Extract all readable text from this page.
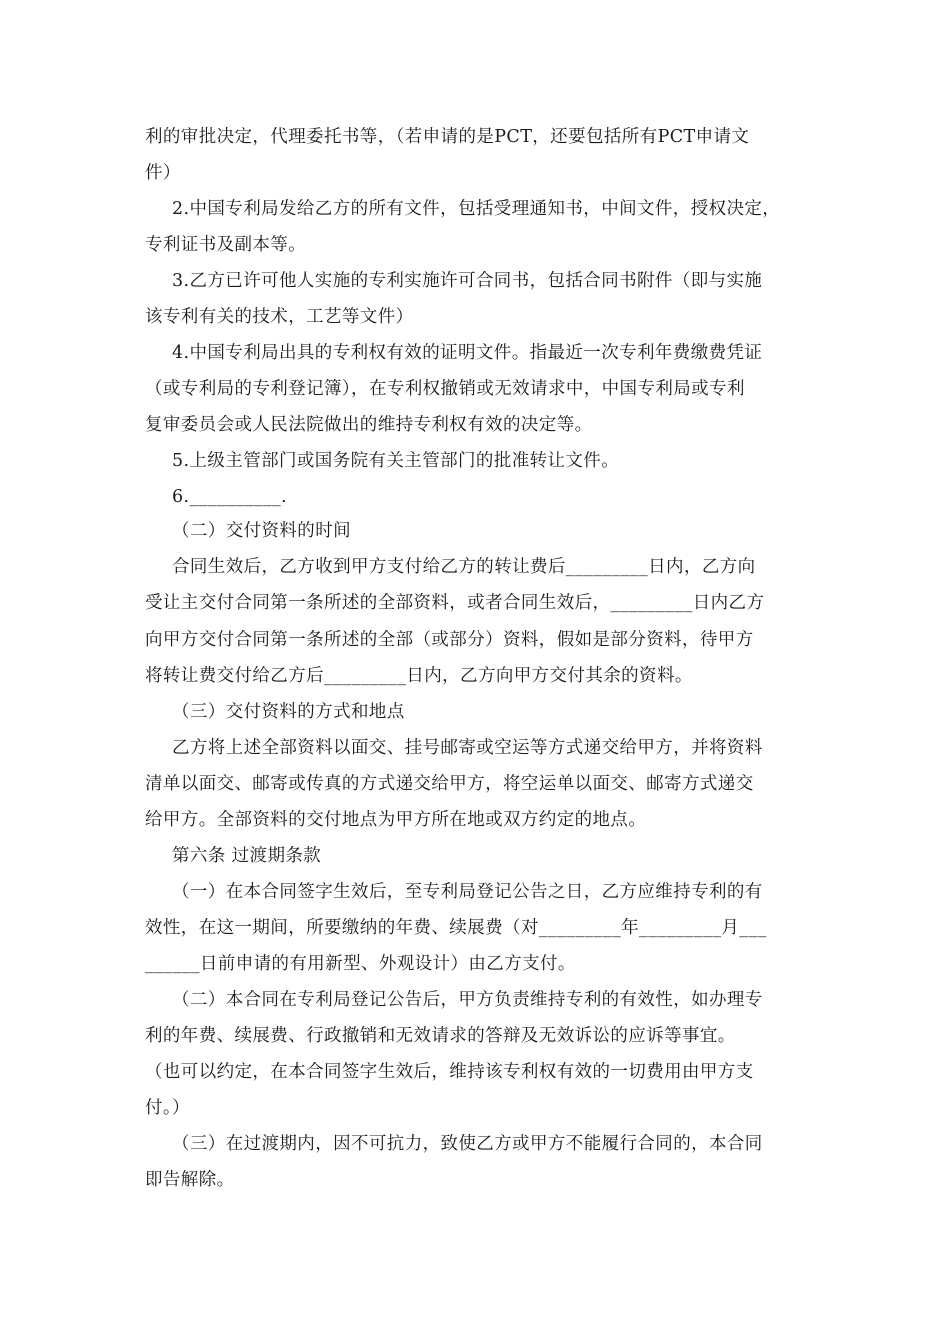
利的审批决定，代理委托书等，（若申请的是PCT，还要包括所有PCT申请文
件）
2.中国专利局发给乙方的所有文件，包括受理通知书，中间文件，授权决定，
专利证书及副本等。
3.乙方已许可他人实施的专利实施许可合同书，包括合同书附件（即与实施
该专利有关的技术，工艺等文件）
4.中国专利局出具的专利权有效的证明文件。指最近一次专利年费缴费凭证
（或专利局的专利登记簿），在专利权撤销或无效请求中，中国专利局或专利
复审委员会或人民法院做出的维持专利权有效的决定等。
5.上级主管部门或国务院有关主管部门的批准转让文件。
6.__________.
（二）交付资料的时间
合同生效后，乙方收到甲方支付给乙方的转让费后_________日内，乙方向
受让主交付合同第一条所述的全部资料，或者合同生效后，_________日内乙方
向甲方交付合同第一条所述的全部（或部分）资料，假如是部分资料，待甲方
将转让费交付给乙方后_________日内，乙方向甲方交付其余的资料。
（三）交付资料的方式和地点
乙方将上述全部资料以面交、挂号邮寄或空运等方式递交给甲方，并将资料
清单以面交、邮寄或传真的方式递交给甲方，将空运单以面交、邮寄方式递交
给甲方。全部资料的交付地点为甲方所在地或双方约定的地点。
第六条 过渡期条款
（一）在本合同签字生效后，至专利局登记公告之日，乙方应维持专利的有
效性，在这一期间，所要缴纳的年费、续展费（对_________年_________月___
______日前申请的有用新型、外观设计）由乙方支付。
（二）本合同在专利局登记公告后，甲方负责维持专利的有效性，如办理专
利的年费、续展费、行政撤销和无效请求的答辩及无效诉讼的应诉等事宜。
（也可以约定，在本合同签字生效后，维持该专利权有效的一切费用由甲方支
付。）
（三）在过渡期内，因不可抗力，致使乙方或甲方不能履行合同的，本合同
即告解除。
